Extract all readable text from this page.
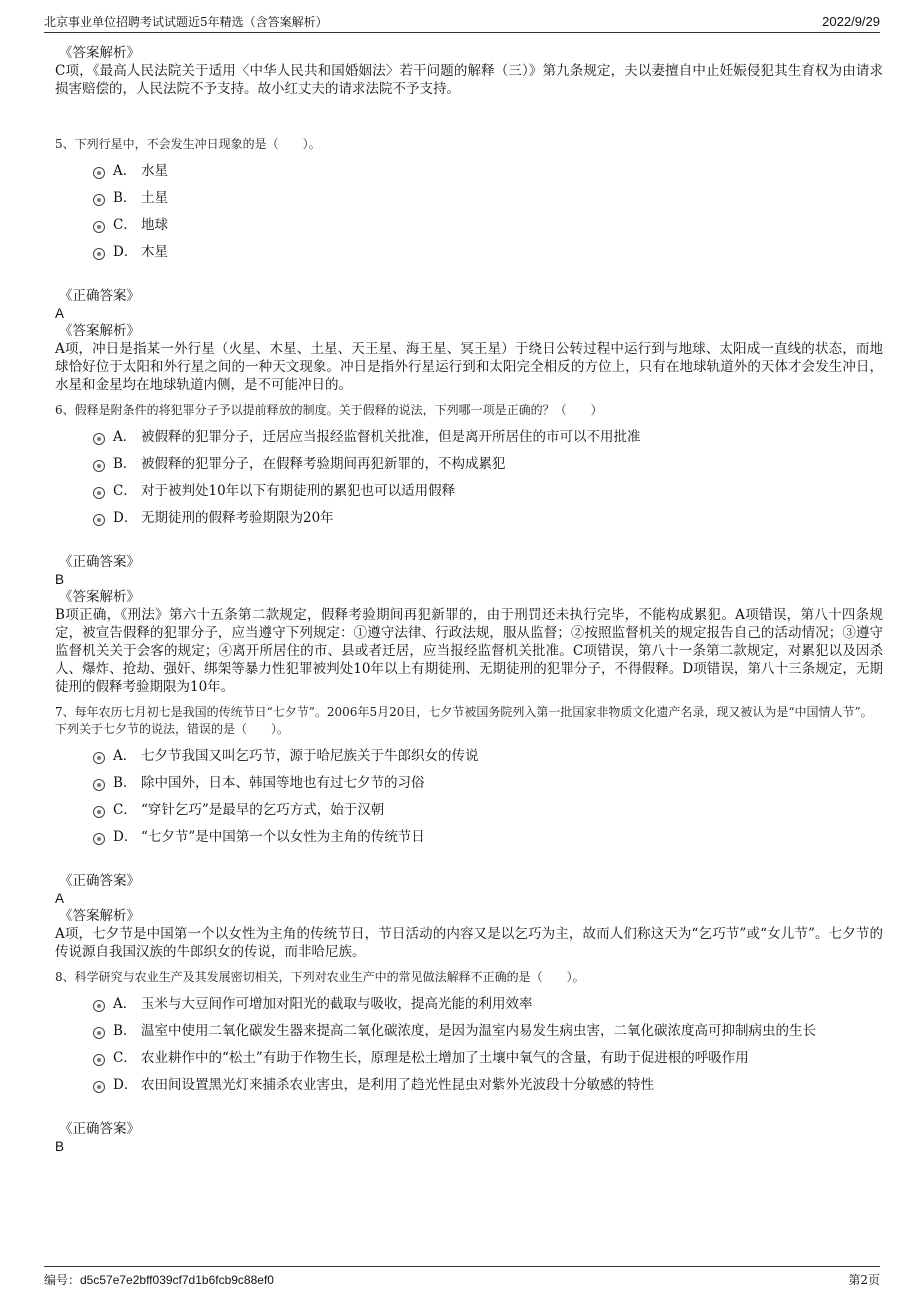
北京事业单位招聘考试试题近5年精选（含答案解析）	2022/9/29
《答案解析》
C项，《最高人民法院关于适用〈中华人民共和国婚姻法〉若干问题的解释（三）》第九条规定，夫以妻擅自中止妊娠侵犯其生育权为由请求损害赔偿的，人民法院不予支持。故小红丈夫的请求法院不予支持。
5、下列行星中，不会发生冲日现象的是（　　）。
A． 水星
B． 土星
C． 地球
D． 木星
《正确答案》
A
《答案解析》
A项，冲日是指某一外行星（火星、木星、土星、天王星、海王星、冥王星）于绕日公转过程中运行到与地球、太阳成一直线的状态，而地球恰好位于太阳和外行星之间的一种天文现象。冲日是指外行星运行到和太阳完全相反的方位上，只有在地球轨道外的天体才会发生冲日，水星和金星均在地球轨道内侧，是不可能冲日的。
6、假释是附条件的将犯罪分子予以提前释放的制度。关于假释的说法，下列哪一项是正确的？（　　）
A． 被假释的犯罪分子，迁居应当报经监督机关批准，但是离开所居住的市可以不用批准
B． 被假释的犯罪分子，在假释考验期间再犯新罪的，不构成累犯
C． 对于被判处10年以下有期徒刑的累犯也可以适用假释
D． 无期徒刑的假释考验期限为20年
《正确答案》
B
《答案解析》
B项正确，《刑法》第六十五条第二款规定，假释考验期间再犯新罪的，由于刑罚还未执行完毕，不能构成累犯。A项错误，第八十四条规定，被宣告假释的犯罪分子，应当遵守下列规定：①遵守法律、行政法规，服从监督；②按照监督机关的规定报告自己的活动情况；③遵守监督机关关于会客的规定；④离开所居住的市、县或者迁居，应当报经监督机关批准。C项错误，第八十一条第二款规定，对累犯以及因杀人、爆炸、抢劫、强奸、绑架等暴力性犯罪被判处10年以上有期徒刑、无期徒刑的犯罪分子，不得假释。D项错误，第八十三条规定，无期徒刑的假释考验期限为10年。
7、每年农历七月初七是我国的传统节日“七夕节”。2006年5月20日，七夕节被国务院列入第一批国家非物质文化遗产名录，现又被认为是“中国情人节”。
下列关于七夕节的说法，错误的是（　　）。
A． 七夕节我国又叫乞巧节，源于哈尼族关于牛郎织女的传说
B． 除中国外，日本、韩国等地也有过七夕节的习俗
C． “穿针乞巧”是最早的乞巧方式，始于汉朝
D． “七夕节”是中国第一个以女性为主角的传统节日
《正确答案》
A
《答案解析》
A项，七夕节是中国第一个以女性为主角的传统节日，节日活动的内容又是以乞巧为主，故而人们称这天为“乞巧节”或“女儿节”。七夕节的传说源自我国汉族的牛郎织女的传说，而非哈尼族。
8、科学研究与农业生产及其发展密切相关，下列对农业生产中的常见做法解释不正确的是（　　）。
A． 玉米与大豆间作可增加对阳光的截取与吸收，提高光能的利用效率
B． 温室中使用二氧化碳发生器来提高二氧化碳浓度，是因为温室内易发生病虫害，二氧化碳浓度高可抑制病虫的生长
C． 农业耕作中的“松土”有助于作物生长，原理是松土增加了土壤中氧气的含量，有助于促进根的呼吸作用
D． 农田间设置黑光灯来捕杀农业害虫，是利用了趋光性昆虫对紫外光波段十分敏感的特性
《正确答案》
B
编号：d5c57e7e2bff039cf7d1b6fcb9c88ef0	第2页
